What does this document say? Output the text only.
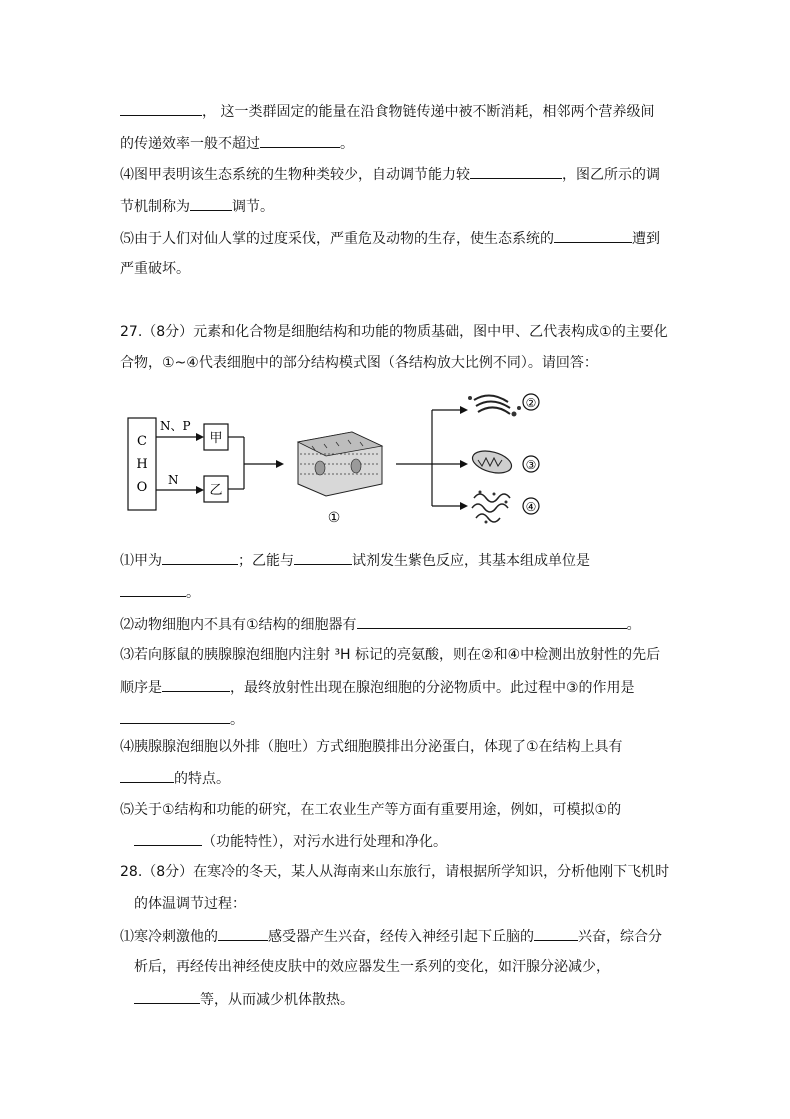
， 这一类群固定的能量在沿食物链传递中被不断消耗，相邻两个营养级间
的传递效率一般不超过	。
⑷图甲表明该生态系统的生物种类较少，自动调节能力较	，图乙所示的调
节机制称为	调节。
⑸由于人们对仙人掌的过度采伐，严重危及动物的生存，使生态系统的	遭到
严重破坏。
27.（8分）元素和化合物是细胞结构和功能的物质基础，图中甲、乙代表构成①的主要化
合物，①~④代表细胞中的部分结构模式图（各结构放大比例不同）。请回答：
C
H
O
N、P
N
甲
乙
①
②
③
④
⑴甲为	；乙能与	试剂发生紫色反应，其基本组成单位是
。
⑵动物细胞内不具有①结构的细胞器有	。
⑶若向豚鼠的胰腺腺泡细胞内注射 ³H 标记的亮氨酸，则在②和④中检测出放射性的先后
顺序是	，最终放射性出现在腺泡细胞的分泌物质中。此过程中③的作用是
。
⑷胰腺腺泡细胞以外排（胞吐）方式细胞膜排出分泌蛋白，体现了①在结构上具有
的特点。
⑸关于①结构和功能的研究，在工农业生产等方面有重要用途，例如，可模拟①的
（功能特性），对污水进行处理和净化。
28.（8分）在寒冷的冬天，某人从海南来山东旅行，请根据所学知识，分析他刚下飞机时
的体温调节过程：
⑴寒冷刺激他的	感受器产生兴奋，经传入神经引起下丘脑的	兴奋，综合分
析后，再经传出神经使皮肤中的效应器发生一系列的变化，如汗腺分泌减少，
等，从而减少机体散热。
